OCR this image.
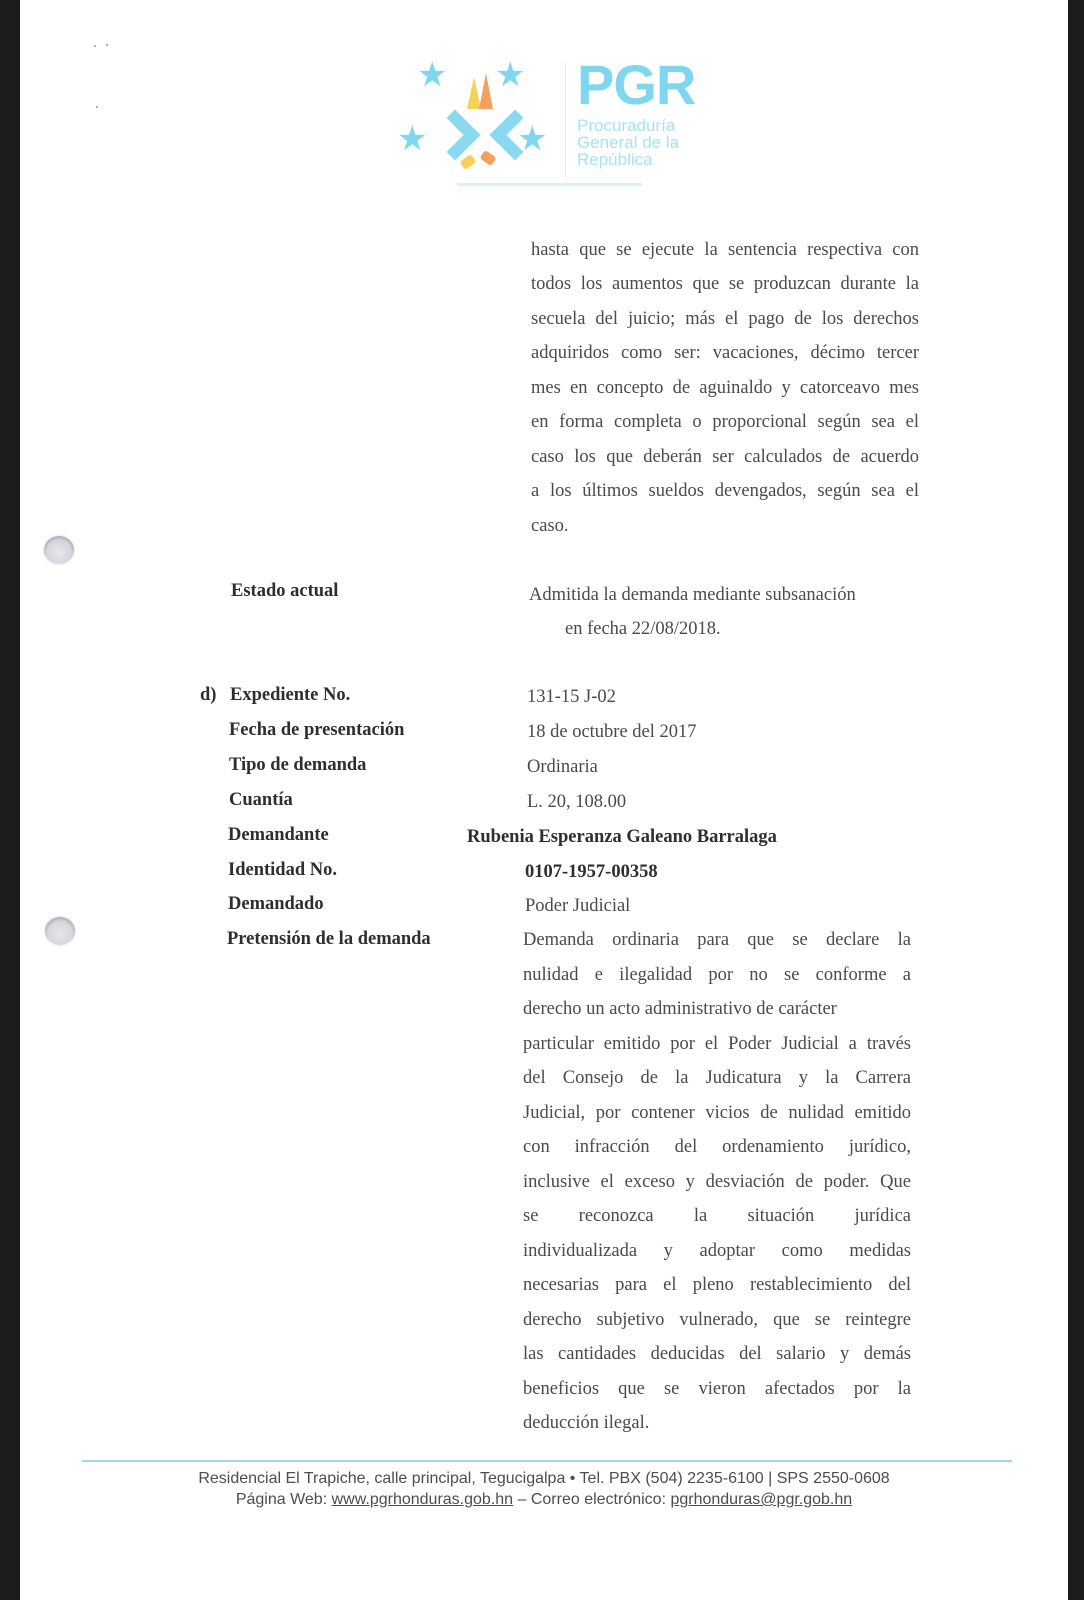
★ ★
★	★
PGR
Procuraduría
General de la
República
hasta que se ejecute la sentencia respectiva con
todos los aumentos que se produzcan durante la
secuela del juicio; más el pago de los derechos
adquiridos como ser: vacaciones, décimo tercer
mes en concepto de aguinaldo y catorceavo mes
en forma completa o proporcional según sea el
caso los que deberán ser calculados de acuerdo
a los últimos sueldos devengados, según sea el
caso.
Estado actual	Admitida la demanda mediante subsanación
en fecha 22/08/2018.
d) Expediente No.	131-15 J-02
Fecha de presentación	18 de octubre del 2017
Tipo de demanda	Ordinaria
Cuantía	L. 20, 108.00
Demandante	Rubenia Esperanza Galeano Barralaga
Identidad No.	0107-1957-00358
Demandado	Poder Judicial
Pretensión de la demanda	Demanda ordinaria para que se declare la
nulidad e ilegalidad por no se conforme a
derecho un acto administrativo de carácter
particular emitido por el Poder Judicial a través
del Consejo de la Judicatura y la Carrera
Judicial, por contener vicios de nulidad emitido
con infracción del ordenamiento jurídico,
inclusive el exceso y desviación de poder. Que
se reconozca la situación jurídica
individualizada y adoptar como medidas
necesarias para el pleno restablecimiento del
derecho subjetivo vulnerado, que se reintegre
las cantidades deducidas del salario y demás
beneficios que se vieron afectados por la
deducción ilegal.
Residencial El Trapiche, calle principal, Tegucigalpa • Tel. PBX (504) 2235-6100 | SPS 2550-0608
Página Web: www.pgrhonduras.gob.hn – Correo electrónico: pgrhonduras@pgr.gob.hn
